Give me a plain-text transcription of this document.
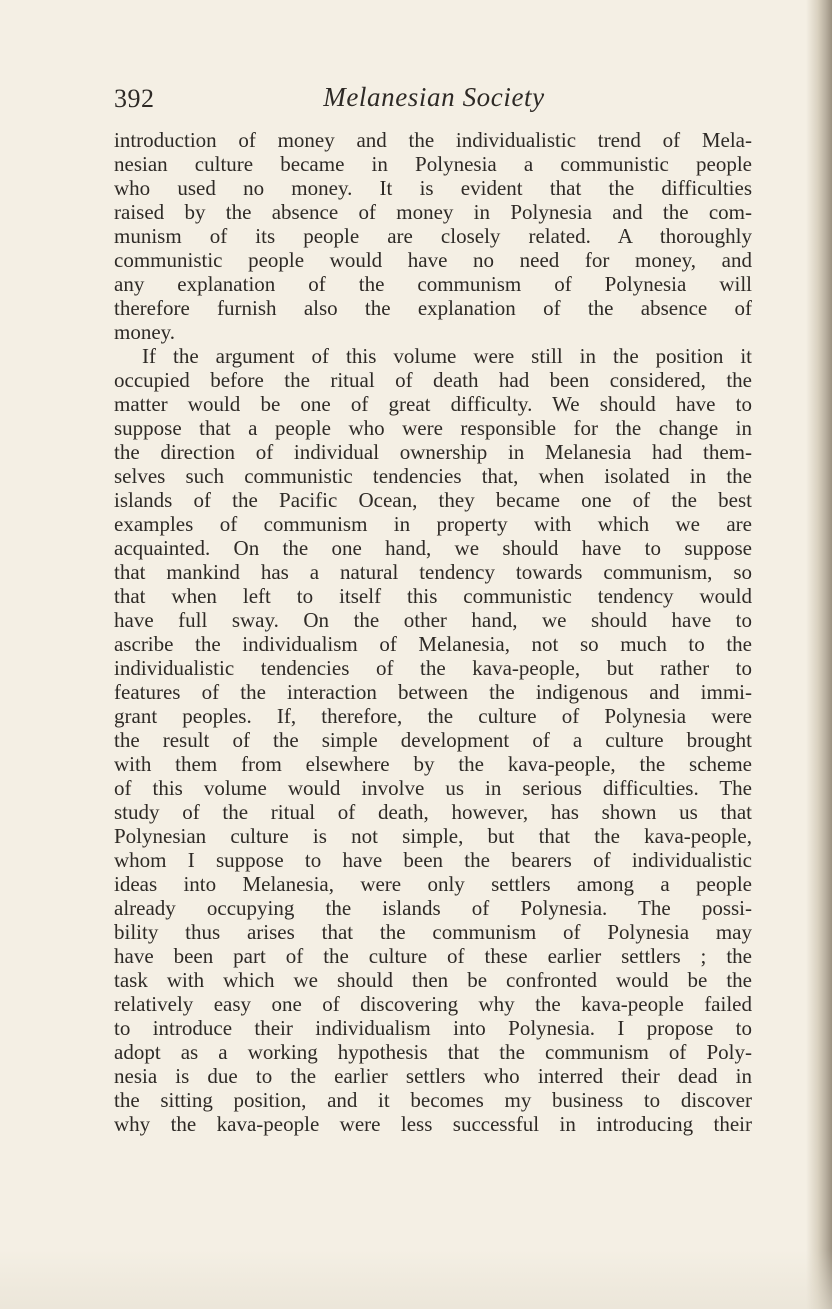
392	Melanesian Society
introduction of money and the individualistic trend of Mela-
nesian culture became in Polynesia a communistic people
who used no money. It is evident that the difficulties
raised by the absence of money in Polynesia and the com-
munism of its people are closely related. A thoroughly
communistic people would have no need for money, and
any explanation of the communism of Polynesia will
therefore furnish also the explanation of the absence of
money.
If the argument of this volume were still in the position it
occupied before the ritual of death had been considered, the
matter would be one of great difficulty. We should have to
suppose that a people who were responsible for the change in
the direction of individual ownership in Melanesia had them-
selves such communistic tendencies that, when isolated in the
islands of the Pacific Ocean, they became one of the best
examples of communism in property with which we are
acquainted. On the one hand, we should have to suppose
that mankind has a natural tendency towards communism, so
that when left to itself this communistic tendency would
have full sway. On the other hand, we should have to
ascribe the individualism of Melanesia, not so much to the
individualistic tendencies of the kava-people, but rather to
features of the interaction between the indigenous and immi-
grant peoples. If, therefore, the culture of Polynesia were
the result of the simple development of a culture brought
with them from elsewhere by the kava-people, the scheme
of this volume would involve us in serious difficulties. The
study of the ritual of death, however, has shown us that
Polynesian culture is not simple, but that the kava-people,
whom I suppose to have been the bearers of individualistic
ideas into Melanesia, were only settlers among a people
already occupying the islands of Polynesia. The possi-
bility thus arises that the communism of Polynesia may
have been part of the culture of these earlier settlers ; the
task with which we should then be confronted would be the
relatively easy one of discovering why the kava-people failed
to introduce their individualism into Polynesia. I propose to
adopt as a working hypothesis that the communism of Poly-
nesia is due to the earlier settlers who interred their dead in
the sitting position, and it becomes my business to discover
why the kava-people were less successful in introducing their
